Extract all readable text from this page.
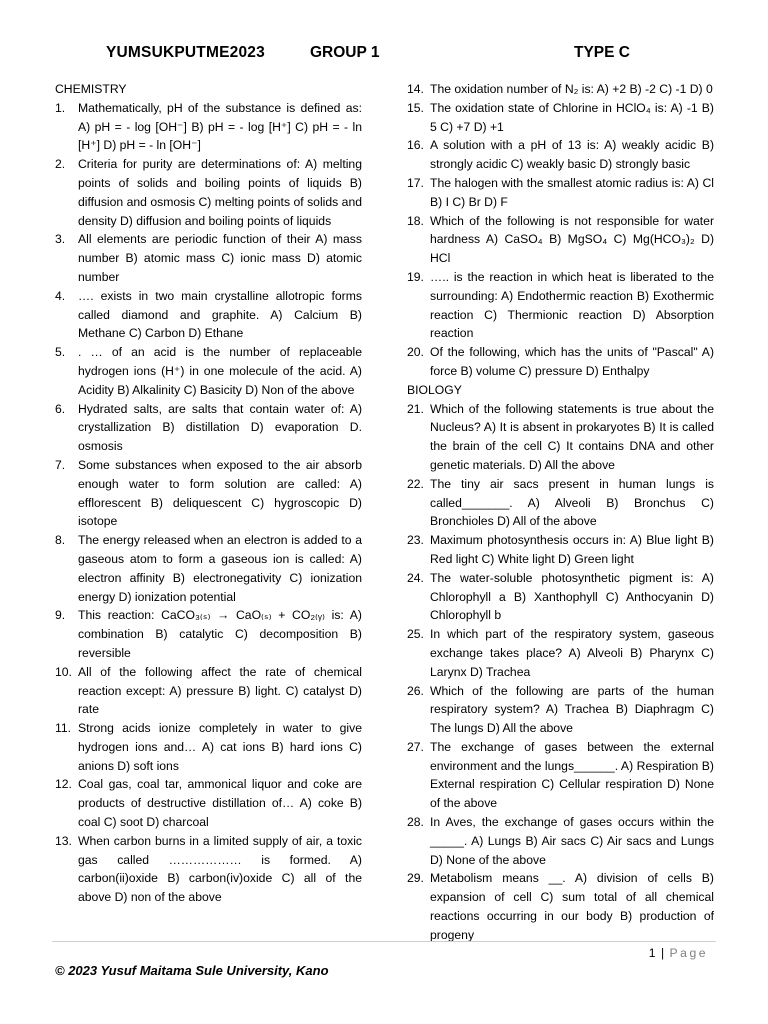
YUMSUKPUTME2023	GROUP 1	TYPE C
CHEMISTRY
1. Mathematically, pH of the substance is defined as: A) pH = - log [OH⁻] B) pH = - log [H⁺] C) pH = - ln [H⁺] D) pH = - ln [OH⁻]
2. Criteria for purity are determinations of: A) melting points of solids and boiling points of liquids B) diffusion and osmosis C) melting points of solids and density D) diffusion and boiling points of liquids
3. All elements are periodic function of their A) mass number B) atomic mass C) ionic mass D) atomic number
4. …. exists in two main crystalline allotropic forms called diamond and graphite. A) Calcium B) Methane C) Carbon D) Ethane
5. . … of an acid is the number of replaceable hydrogen ions (H⁺) in one molecule of the acid. A) Acidity B) Alkalinity C) Basicity D) Non of the above
6. Hydrated salts, are salts that contain water of: A) crystallization B) distillation D) evaporation D. osmosis
7. Some substances when exposed to the air absorb enough water to form solution are called: A) efflorescent B) deliquescent C) hygroscopic D) isotope
8. The energy released when an electron is added to a gaseous atom to form a gaseous ion is called: A) electron affinity B) electronegativity C) ionization energy D) ionization potential
9. This reaction: CaCO₃₍ₛ₎ → CaO₍ₛ₎ + CO₂₍ᵧ₎ is: A) combination B) catalytic C) decomposition B) reversible
10. All of the following affect the rate of chemical reaction except: A) pressure B) light. C) catalyst D) rate
11. Strong acids ionize completely in water to give hydrogen ions and… A) cat ions B) hard ions C) anions D) soft ions
12. Coal gas, coal tar, ammonical liquor and coke are products of destructive distillation of… A) coke B) coal C) soot D) charcoal
13. When carbon burns in a limited supply of air, a toxic gas called ……………… is formed. A) carbon(ii)oxide B) carbon(iv)oxide C) all of the above D) non of the above
14. The oxidation number of N₂ is: A) +2 B) -2 C) -1 D) 0
15. The oxidation state of Chlorine in HClO₄ is: A) -1 B) 5 C) +7 D) +1
16. A solution with a pH of 13 is: A) weakly acidic B) strongly acidic C) weakly basic D) strongly basic
17. The halogen with the smallest atomic radius is: A) Cl B) I C) Br D) F
18. Which of the following is not responsible for water hardness A) CaSO₄ B) MgSO₄ C) Mg(HCO₃)₂ D) HCl
19. ….. is the reaction in which heat is liberated to the surrounding: A) Endothermic reaction B) Exothermic reaction C) Thermionic reaction D) Absorption reaction
20. Of the following, which has the units of "Pascal" A) force B) volume C) pressure D) Enthalpy
BIOLOGY
21. Which of the following statements is true about the Nucleus? A) It is absent in prokaryotes B) It is called the brain of the cell C) It contains DNA and other genetic materials. D) All the above
22. The tiny air sacs present in human lungs is called_______. A) Alveoli B) Bronchus C) Bronchioles D) All of the above
23. Maximum photosynthesis occurs in: A) Blue light B) Red light C) White light D) Green light
24. The water-soluble photosynthetic pigment is: A) Chlorophyll a B) Xanthophyll C) Anthocyanin D) Chlorophyll b
25. In which part of the respiratory system, gaseous exchange takes place? A) Alveoli B) Pharynx C) Larynx D) Trachea
26. Which of the following are parts of the human respiratory system? A) Trachea B) Diaphragm C) The lungs D) All the above
27. The exchange of gases between the external environment and the lungs______. A) Respiration B) External respiration C) Cellular respiration D) None of the above
28. In Aves, the exchange of gases occurs within the _____. A) Lungs B) Air sacs C) Air sacs and Lungs D) None of the above
29. Metabolism means __. A) division of cells B) expansion of cell C) sum total of all chemical reactions occurring in our body B) production of progeny
1 | Page
© 2023 Yusuf Maitama Sule University, Kano
